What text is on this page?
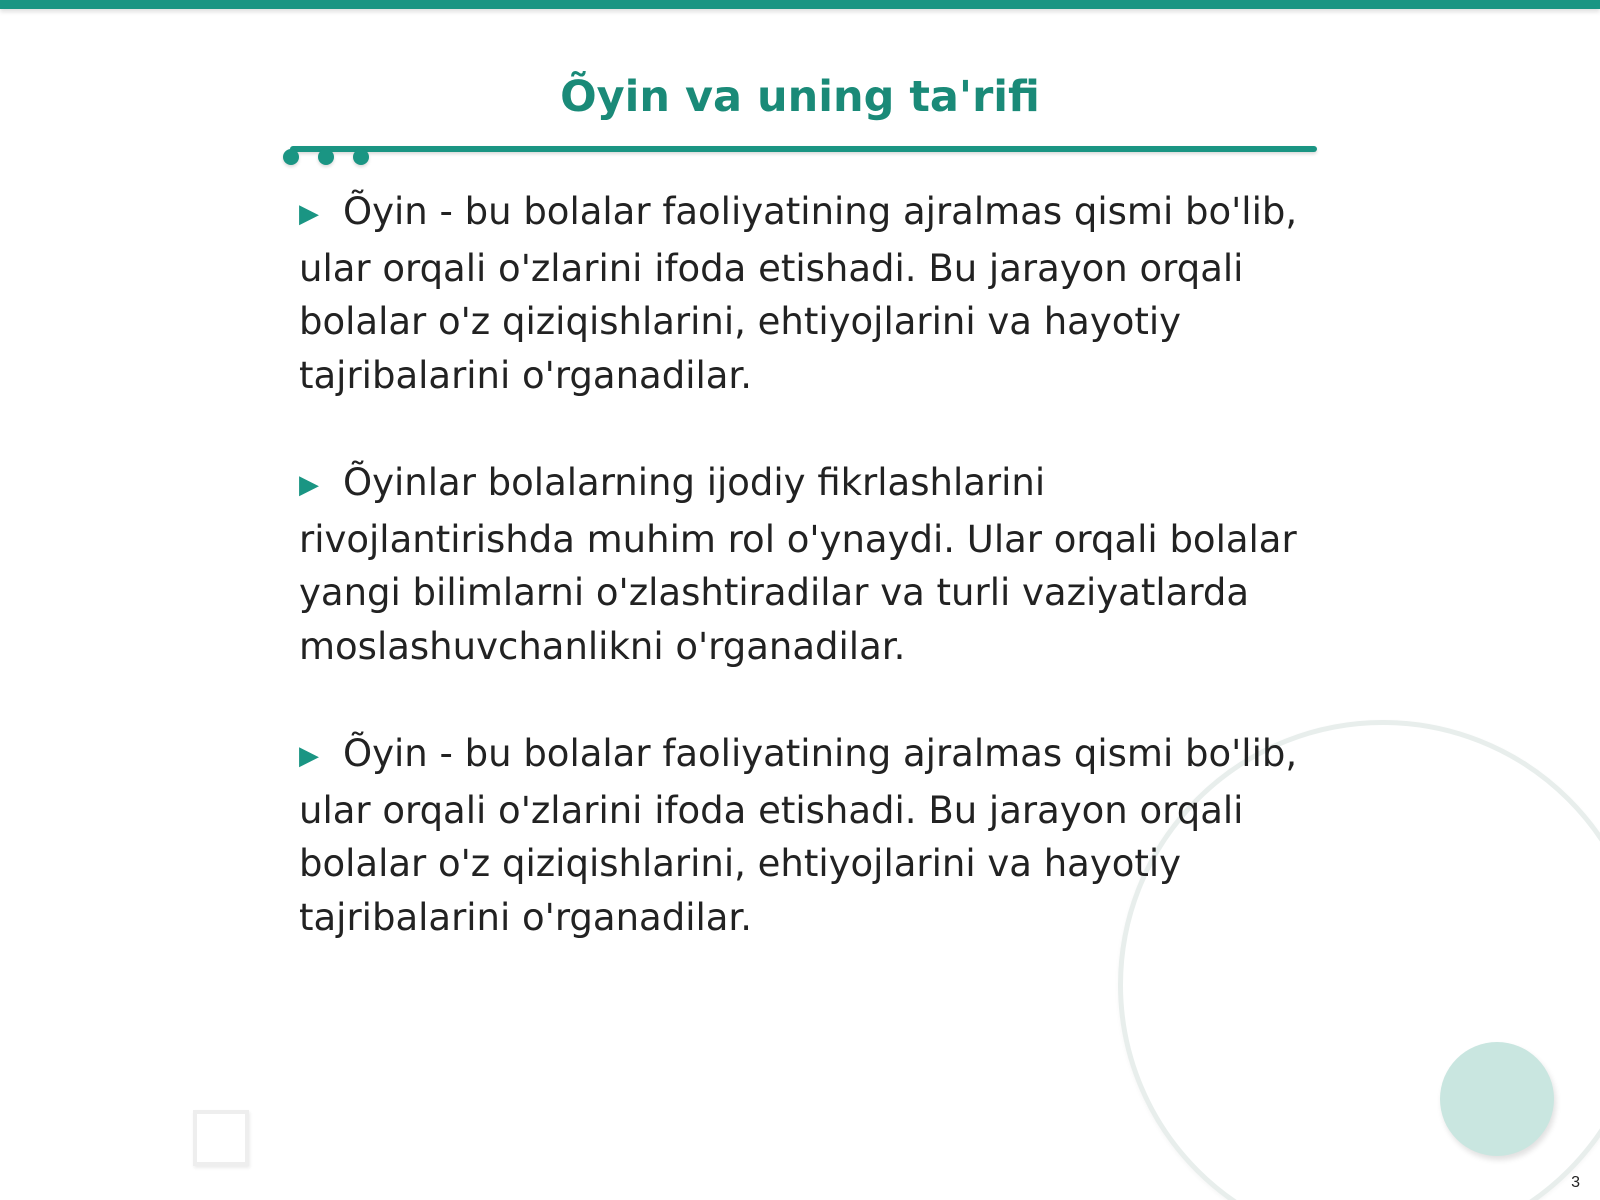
Õyin va uning ta'rifi
▶ Õyin - bu bolalar faoliyatining ajralmas qismi bo'lib, ular orqali o'zlarini ifoda etishadi. Bu jarayon orqali bolalar o'z qiziqishlarini, ehtiyojlarini va hayotiy tajribalarini o'rganadilar.
▶ Õyinlar bolalarning ijodiy fikrlashlarini rivojlantirishda muhim rol o'ynaydi. Ular orqali bolalar yangi bilimlarni o'zlashtiradilar va turli vaziyatlarda moslashuvchanlikni o'rganadilar.
▶ Õyin - bu bolalar faoliyatining ajralmas qismi bo'lib, ular orqali o'zlarini ifoda etishadi. Bu jarayon orqali bolalar o'z qiziqishlarini, ehtiyojlarini va hayotiy tajribalarini o'rganadilar.
3
